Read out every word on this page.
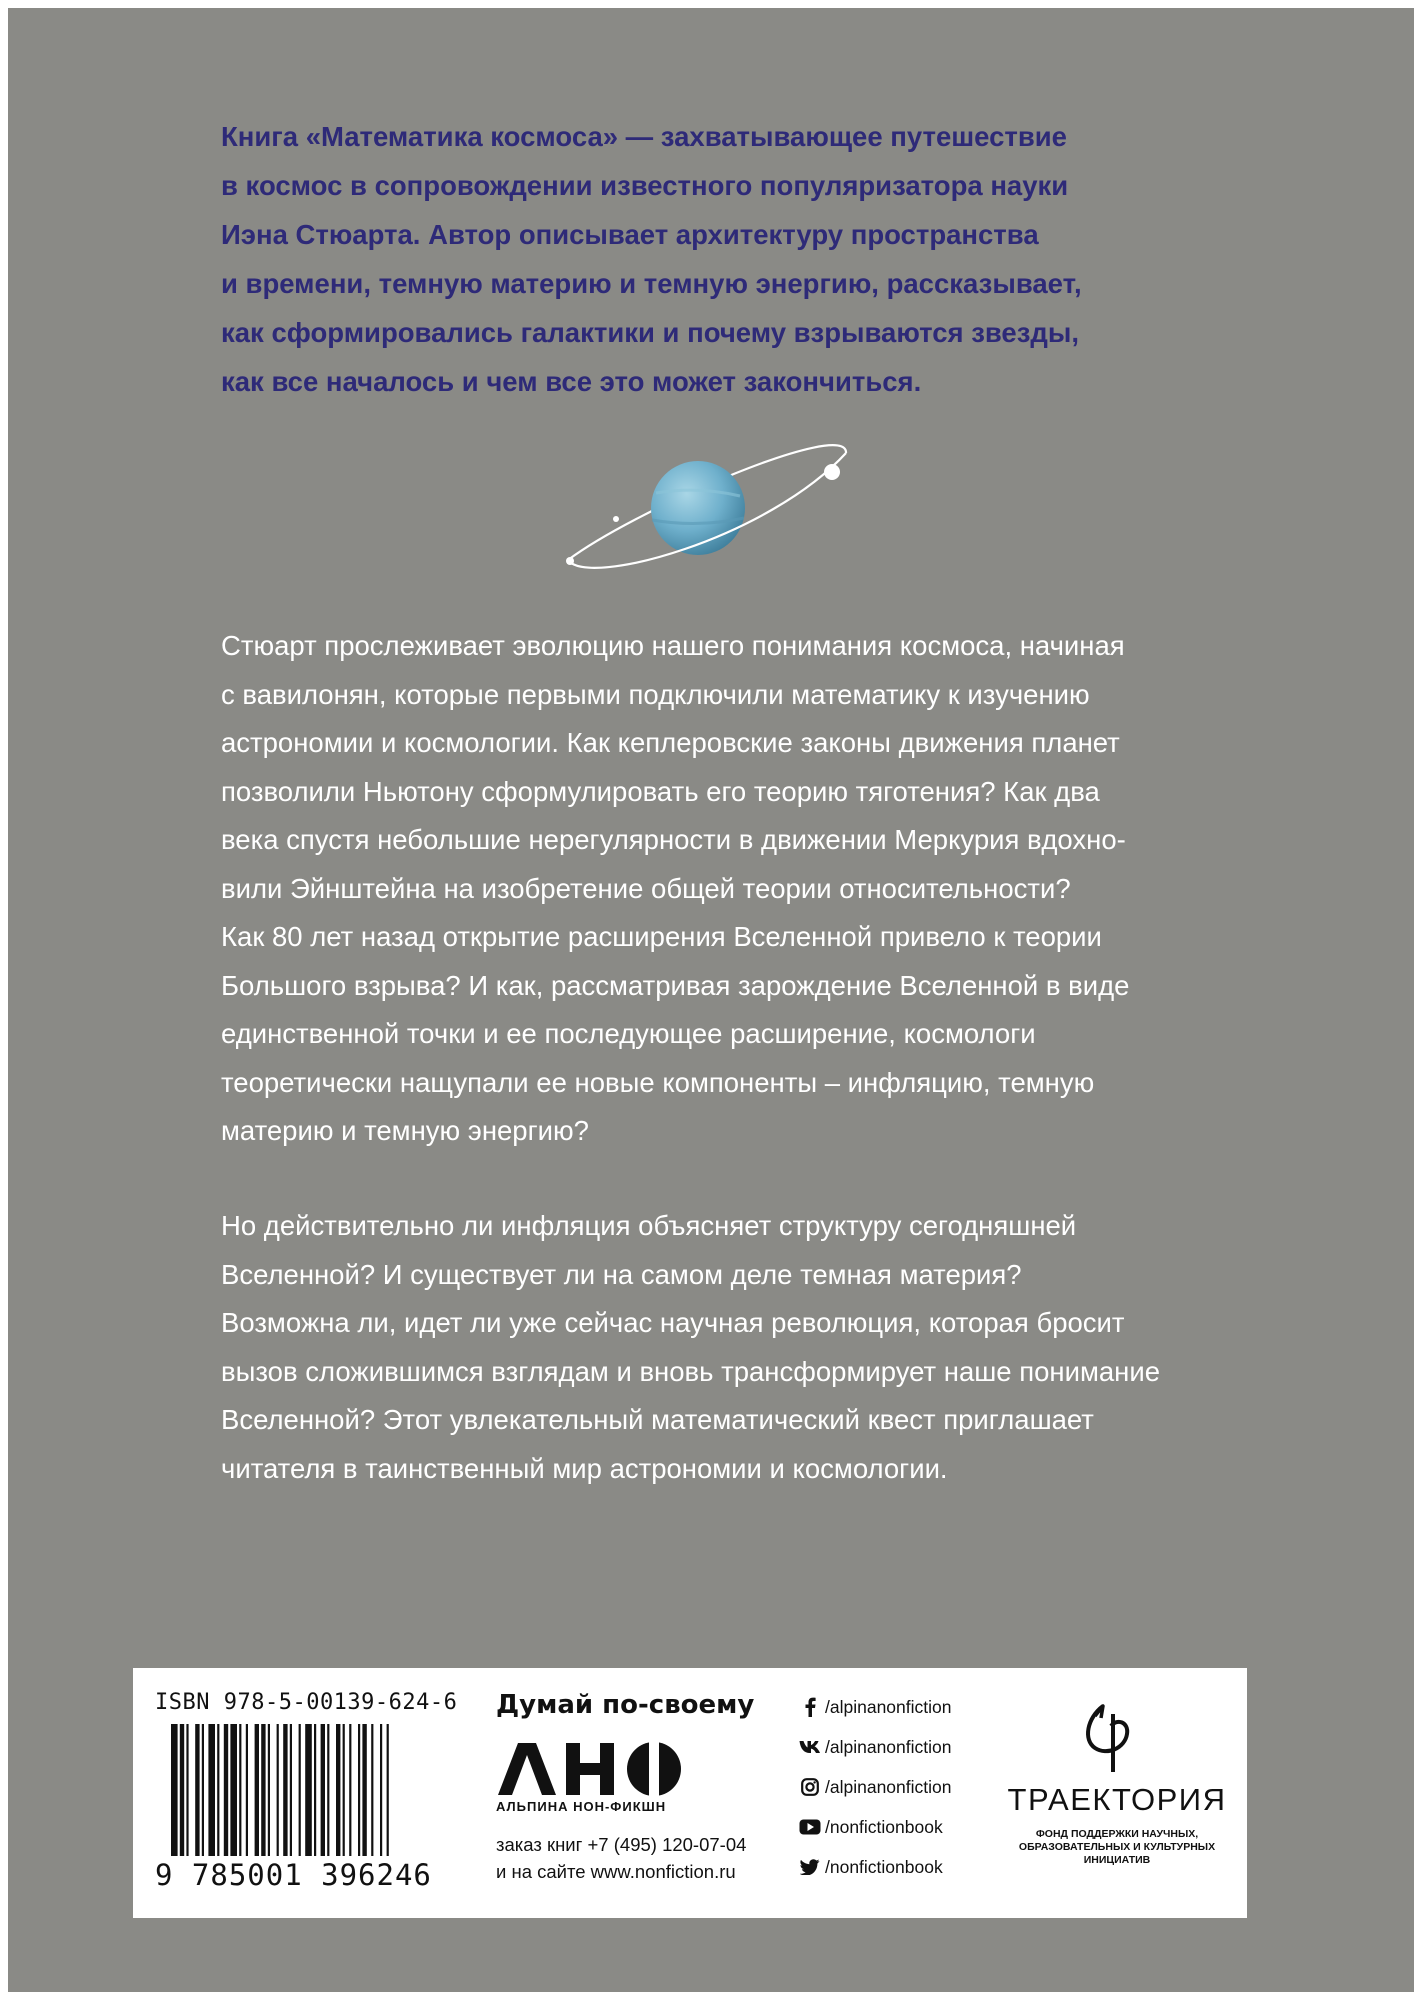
Книга «Математика космоса» — захватывающее путешествие
в космос в сопровождении известного популяризатора науки
Иэна Стюарта. Автор описывает архитектуру пространства
и времени, темную материю и темную энергию, рассказывает,
как сформировались галактики и почему взрываются звезды,
как все началось и чем все это может закончиться.

Стюарт прослеживает эволюцию нашего понимания космоса, начиная
с вавилонян, которые первыми подключили математику к изучению
астрономии и космологии. Как кеплеровские законы движения планет
позволили Ньютону сформулировать его теорию тяготения? Как два
века спустя небольшие нерегулярности в движении Меркурия вдохно-
вили Эйнштейна на изобретение общей теории относительности?
Как 80 лет назад открытие расширения Вселенной привело к теории
Большого взрыва? И как, рассматривая зарождение Вселенной в виде
единственной точки и ее последующее расширение, космологи
теоретически нащупали ее новые компоненты – инфляцию, темную
материю и темную энергию?

Но действительно ли инфляция объясняет структуру сегодняшней
Вселенной? И существует ли на самом деле темная материя?
Возможна ли, идет ли уже сейчас научная революция, которая бросит
вызов сложившимся взглядам и вновь трансформирует наше понимание
Вселенной? Этот увлекательный математический квест приглашает
читателя в таинственный мир астрономии и космологии.

ISBN 978-5-00139-624-6
9 785001 396246
Думай по-своему
АЛЬПИНА НОН-ФИКШН
заказ книг +7 (495) 120-07-04
и на сайте www.nonfiction.ru
/alpinanonfiction
/alpinanonfiction
/alpinanonfiction
/nonfictionbook
/nonfictionbook
ТРАЕКТОРИЯ
ФОНД ПОДДЕРЖКИ НАУЧНЫХ,
ОБРАЗОВАТЕЛЬНЫХ И КУЛЬТУРНЫХ
ИНИЦИАТИВ
